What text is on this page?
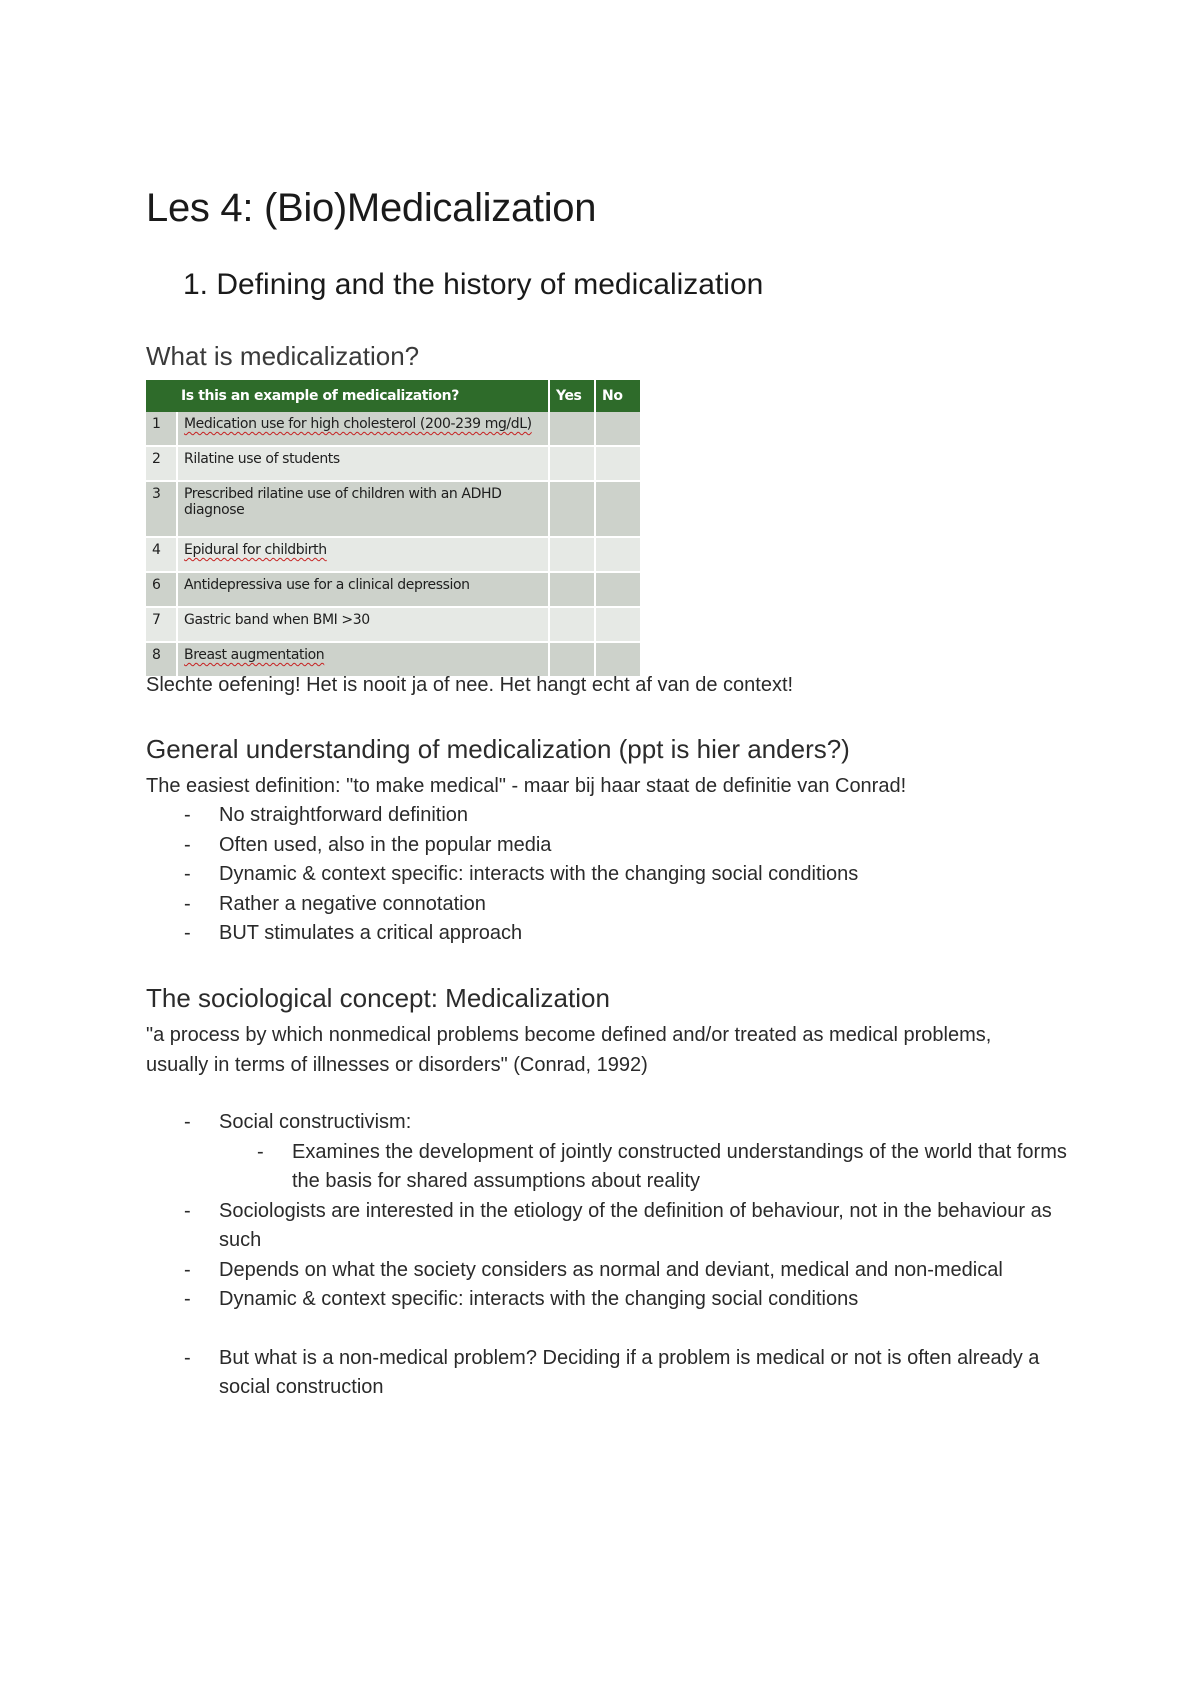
Les 4: (Bio)Medicalization
1. Defining and the history of medicalization
What is medicalization?
Is this an example of medicalization?		Yes	No
1	Medication use for high cholesterol (200-239 mg/dL)		
2	Rilatine use of students		
3	Prescribed rilatine use of children with an ADHD diagnose		
4	Epidural for childbirth		
6	Antidepressiva use for a clinical depression		
7	Gastric band when BMI >30		
8	Breast augmentation		

Slechte oefening! Het is nooit ja of nee. Het hangt echt af van de context!

General understanding of medicalization (ppt is hier anders?)

The easiest definition: "to make medical" - maar bij haar staat de definitie van Conrad!

- No straightforward definition
- Often used, also in the popular media
- Dynamic & context specific: interacts with the changing social conditions
- Rather a negative connotation
- BUT stimulates a critical approach
The sociological concept: Medicalization

"a process by which nonmedical problems become defined and/or treated as medical problems, usually in terms of illnesses or disorders" (Conrad, 1992)

- Social constructivism:
- Examines the development of jointly constructed understandings of the world that forms the basis for shared assumptions about reality
- Sociologists are interested in the etiology of the definition of behaviour, not in the behaviour as such
- Depends on what the society considers as normal and deviant, medical and non-medical
- Dynamic & context specific: interacts with the changing social conditions
- But what is a non-medical problem? Deciding if a problem is medical or not is often already a social construction
